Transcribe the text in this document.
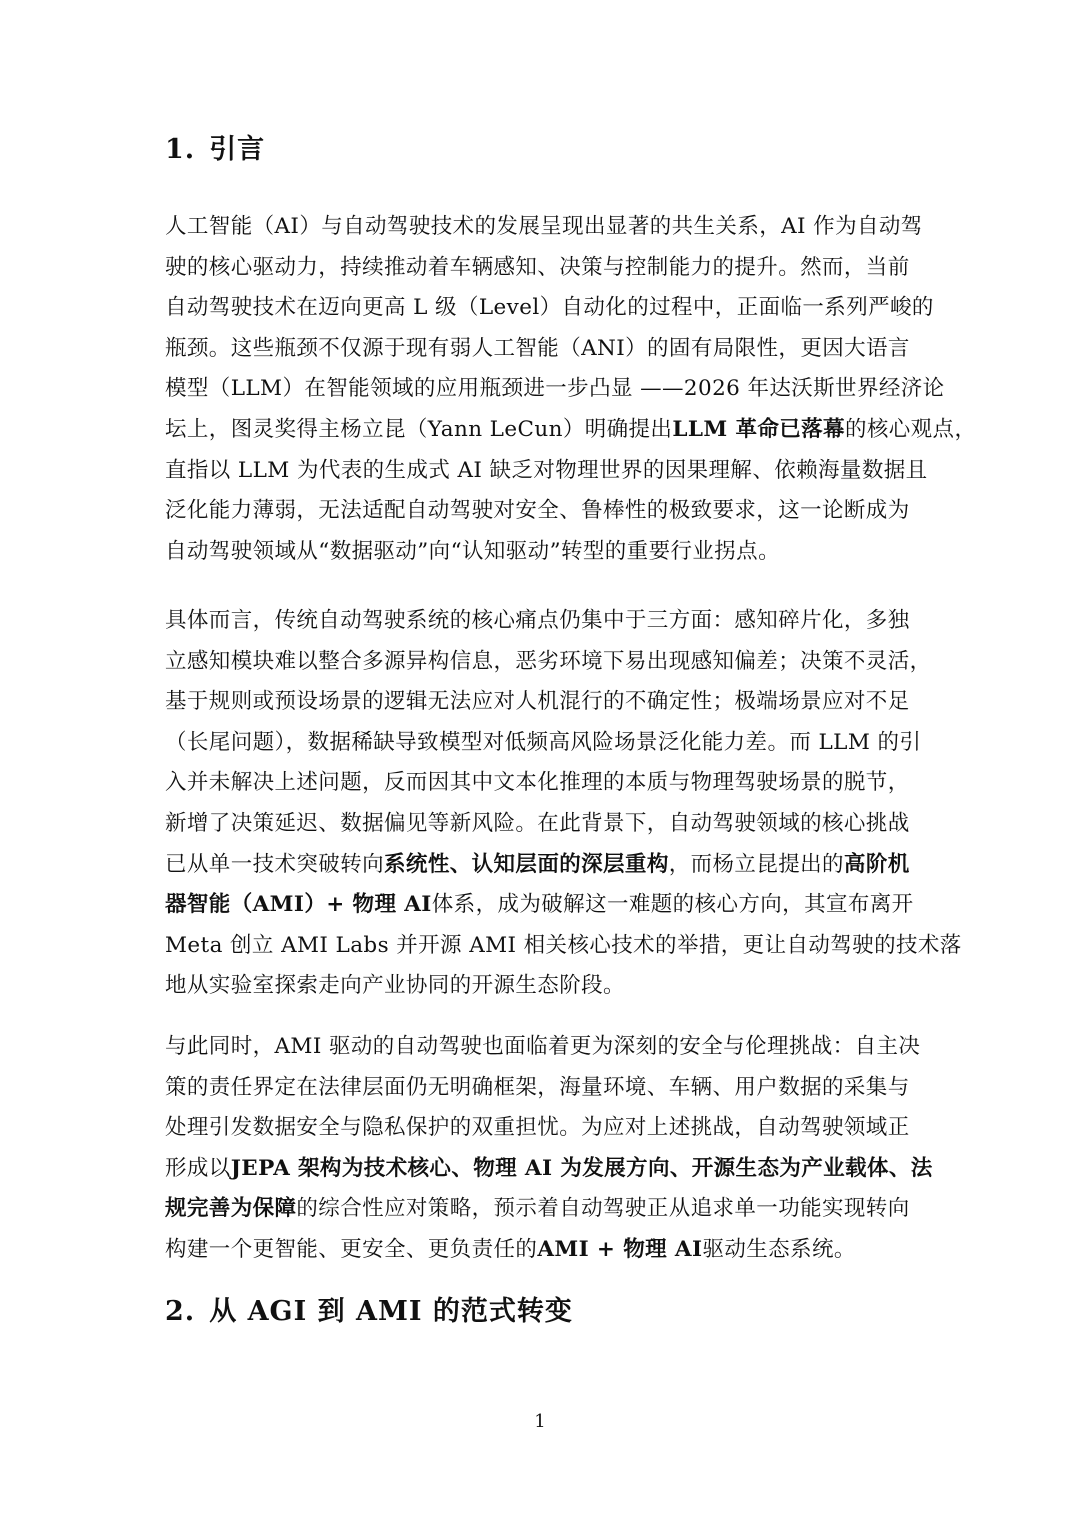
1. 引言
人工智能（AI）与自动驾驶技术的发展呈现出显著的共生关系，AI 作为自动驾
驶的核心驱动力，持续推动着车辆感知、决策与控制能力的提升。然而，当前
自动驾驶技术在迈向更高 L 级（Level）自动化的过程中，正面临一系列严峻的
瓶颈。这些瓶颈不仅源于现有弱人工智能（ANI）的固有局限性，更因大语言
模型（LLM）在智能领域的应用瓶颈进一步凸显 ——2026 年达沃斯世界经济论
坛上，图灵奖得主杨立昆（Yann LeCun）明确提出LLM 革命已落幕的核心观点，
直指以 LLM 为代表的生成式 AI 缺乏对物理世界的因果理解、依赖海量数据且
泛化能力薄弱，无法适配自动驾驶对安全、鲁棒性的极致要求，这一论断成为
自动驾驶领域从“数据驱动”向“认知驱动”转型的重要行业拐点。
具体而言，传统自动驾驶系统的核心痛点仍集中于三方面：感知碎片化，多独
立感知模块难以整合多源异构信息，恶劣环境下易出现感知偏差；决策不灵活，
基于规则或预设场景的逻辑无法应对人机混行的不确定性；极端场景应对不足
（长尾问题），数据稀缺导致模型对低频高风险场景泛化能力差。而 LLM 的引
入并未解决上述问题，反而因其中文本化推理的本质与物理驾驶场景的脱节，
新增了决策延迟、数据偏见等新风险。在此背景下，自动驾驶领域的核心挑战
已从单一技术突破转向系统性、认知层面的深层重构，而杨立昆提出的高阶机
器智能（AMI）+ 物理 AI体系，成为破解这一难题的核心方向，其宣布离开
Meta 创立 AMI Labs 并开源 AMI 相关核心技术的举措，更让自动驾驶的技术落
地从实验室探索走向产业协同的开源生态阶段。
与此同时，AMI 驱动的自动驾驶也面临着更为深刻的安全与伦理挑战：自主决
策的责任界定在法律层面仍无明确框架，海量环境、车辆、用户数据的采集与
处理引发数据安全与隐私保护的双重担忧。为应对上述挑战，自动驾驶领域正
形成以JEPA 架构为技术核心、物理 AI 为发展方向、开源生态为产业载体、法
规完善为保障的综合性应对策略，预示着自动驾驶正从追求单一功能实现转向
构建一个更智能、更安全、更负责任的AMI + 物理 AI驱动生态系统。
2. 从 AGI 到 AMI 的范式转变
1
